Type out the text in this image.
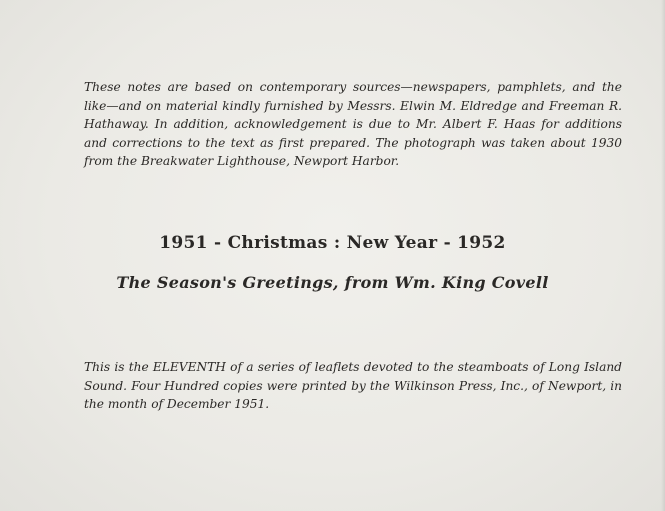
These notes are based on contemporary sources—newspapers, pamphlets, and the like—and on material kindly furnished by Messrs. Elwin M. Eldredge and Freeman R. Hathaway. In addition, acknowledgement is due to Mr. Albert F. Haas for additions and corrections to the text as first prepared. The photograph was taken about 1930 from the Breakwater Lighthouse, Newport Harbor.

1951 - Christmas : New Year - 1952
The Season's Greetings, from Wm. King Covell

This is the ELEVENTH of a series of leaflets devoted to the steamboats of Long Island Sound. Four Hundred copies were printed by the Wilkinson Press, Inc., of Newport, in the month of December 1951.
